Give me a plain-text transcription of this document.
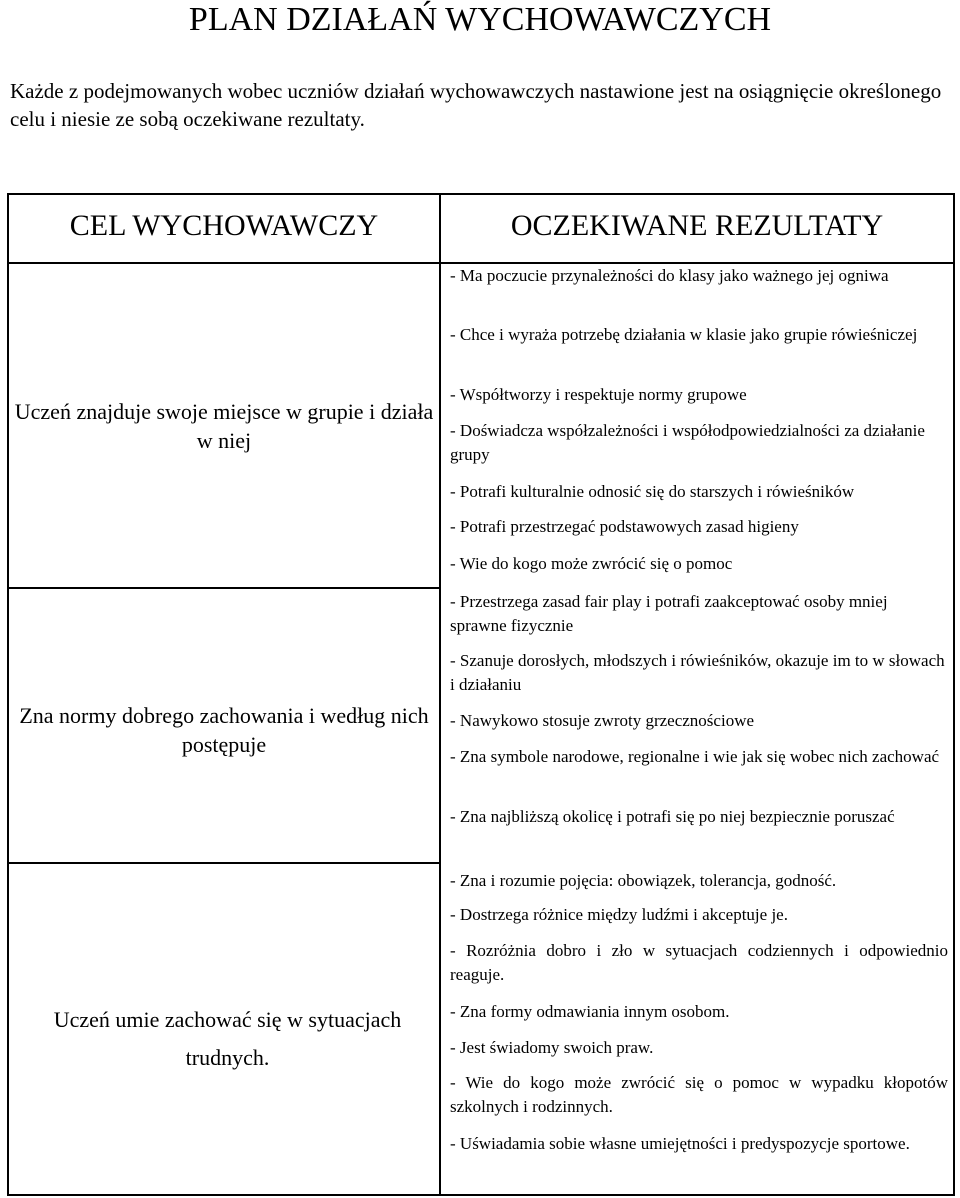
PLAN DZIAŁAŃ WYCHOWAWCZYCH

Każde z podejmowanych wobec uczniów działań wychowawczych nastawione jest na osiągnięcie określonego celu i niesie ze sobą oczekiwane rezultaty.

CEL WYCHOWAWCZY	OCZEKIWANE REZULTATY
Uczeń znajduje swoje miejsce w grupie i działa w niej
Zna normy dobrego zachowania i według nich postępuje
Uczeń umie zachować się w sytuacjach trudnych.
- Ma poczucie przynależności do klasy jako ważnego jej ogniwa
- Chce i wyraża potrzebę działania w klasie jako grupie rówieśniczej
- Współtworzy i respektuje normy grupowe
- Doświadcza współzależności i współodpowiedzialności za działanie grupy
- Potrafi kulturalnie odnosić się do starszych i rówieśników
- Potrafi przestrzegać podstawowych zasad higieny
- Wie do kogo może zwrócić się o pomoc
- Przestrzega zasad fair play i potrafi zaakceptować osoby mniej sprawne fizycznie
- Szanuje dorosłych, młodszych i rówieśników, okazuje im to w słowach i działaniu
- Nawykowo stosuje zwroty grzecznościowe
- Zna symbole narodowe, regionalne i wie jak się wobec nich zachować
- Zna najbliższą okolicę i potrafi się po niej bezpiecznie poruszać
- Zna i rozumie pojęcia: obowiązek, tolerancja, godność.
- Dostrzega różnice między ludźmi i akceptuje je.
- Rozróżnia dobro i zło w sytuacjach codziennych i odpowiednio reaguje.
- Zna formy odmawiania innym osobom.
- Jest świadomy swoich praw.
- Wie do kogo może zwrócić się o pomoc w wypadku kłopotów szkolnych i rodzinnych.
- Uświadamia sobie własne umiejętności i predyspozycje sportowe.
